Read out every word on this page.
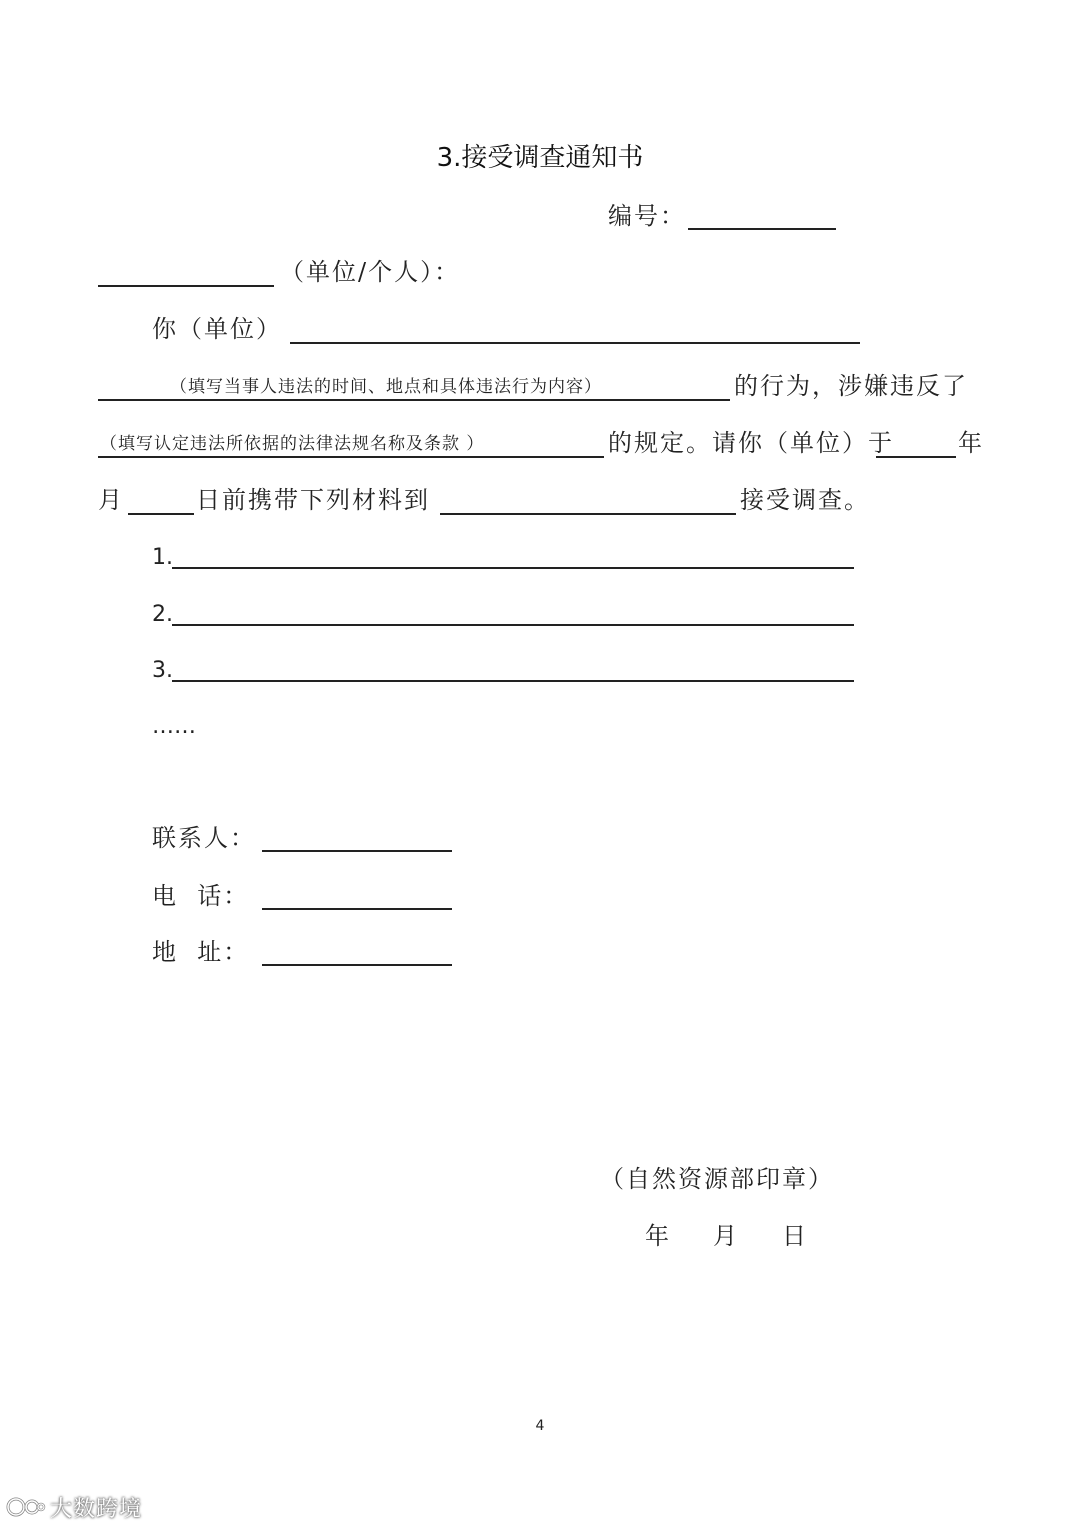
3.接受调查通知书
编号：
（单位/个人）：
你（单位）
（填写当事人违法的时间、地点和具体违法行为内容）	的行为，涉嫌违反了
（填写认定违法所依据的法律法规名称及条款 ）	的规定。请你（单位）于	年
月	日前携带下列材料到	接受调查。
1.
2.
3.
……
联系人：
电  话：
地  址：
（自然资源部印章）
年 月 日
4
大数跨境
